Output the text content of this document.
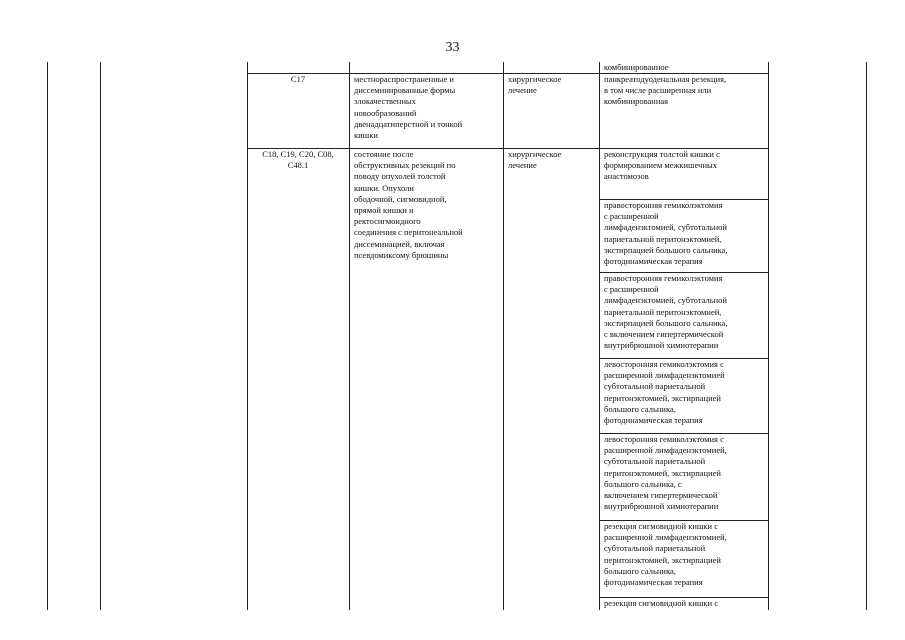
33
комбинированное
С17	местнораспространенные и
диссеминированные формы
злокачественных
новообразований
двенадцатиперстной и тонкой
кишки
хирургическое
лечение
панкреатодуоденальная резекция,
в том числе расширенная или
комбинированная
С18, С19, С20, С08,
С48.1
состояние после
обструктивных резекций по
поводу опухолей толстой
кишки. Опухоли
ободочной, сигмовидной,
прямой кишки и
ректосигмоидного
соединения с перитонеальной
диссеминацией, включая
псевдомиксому брюшины
хирургическое
лечение
реконструкция толстой кишки с
формированием межкишечных
анастомозов
правосторонняя гемиколэктомия
с расширенной
лимфаденэктомией, субтотальной
париетальной перитонэктомией,
экстирпацией большого сальника,
фотодинамическая терапия
правосторонняя гемиколэктомия
с расширенной
лимфаденэктомией, субтотальной
париетальной перитонэктомией,
экстирпацией большого сальника,
с включением гипертермической
внутрибрюшной химиотерапии
левосторонняя гемиколэктомия с
расширенной лимфаденэктомией
субтотальной париетальной
перитонэктомией, экстирпацией
большого сальника,
фотодинамическая терапия
левосторонняя гемиколэктомия с
расширенной лимфаденэктомией,
субтотальной париетальной
перитонэктомией, экстирпацией
большого сальника, с
включением гипертермической
внутрибрюшной химиотерапии
резекция сигмовидной кишки с
расширенной лимфаденэктомией,
субтотальной париетальной
перитонэктомией, экстирпацией
большого сальника,
фотодинамическая терапия
резекция сигмовидной кишки с
